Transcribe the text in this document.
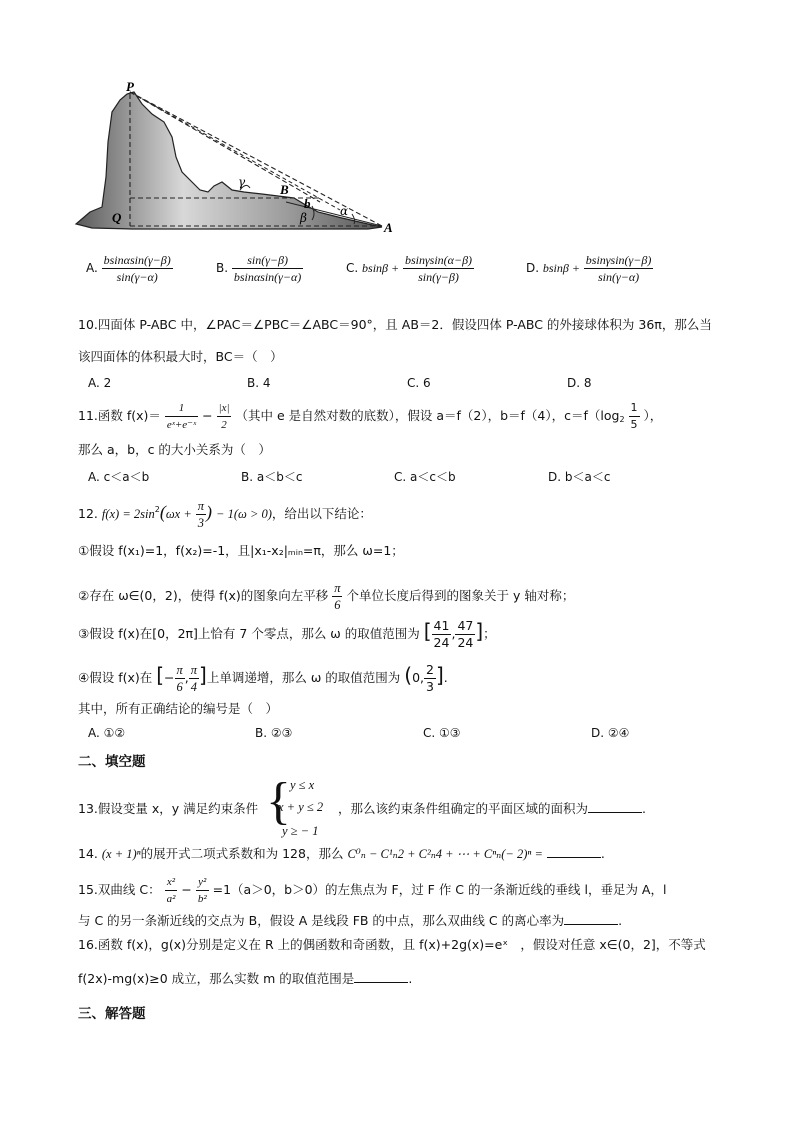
P
Q
A
B
b
γ
β	α
A. $\frac{bsin\alpha\sin(\gamma-\beta)}{\sin(\gamma-\alpha)}$	B. $\frac{\sin(\gamma-\beta)}{bsin\alpha\sin(\gamma-\alpha)}$	C. $bsin\beta + \frac{bsin\gamma\sin(\alpha-\beta)}{\sin(\gamma-\beta)}$	D. $bsin\beta + \frac{bsin\gamma\sin(\gamma-\beta)}{\sin(\gamma-\alpha)}$
10.四面体 P-ABC 中，∠PAC＝∠PBC＝∠ABC＝90°，且 AB＝2．假设四体 P-ABC 的外接球体积为 36π，那么当
该四面体的体积最大时，BC＝（　）
A. 2	B. 4	C. 6	D. 8
11.函数 $f(x)= \frac{1}{\text{eˣ+e⁻ˣ}} - \frac{|x|}{2}$ （其中 e 是自然对数的底数），假设 a＝f（2），b＝f（4），$c=f(\log_2 \frac{1}{5}$ ），
那么 a，b，c 的大小关系为（　）
A. c＜a＜b	B. a＜b＜c	C. a＜c＜b	D. b＜a＜c
12. $f(x) = 2\sin^2(\omega x + \frac{\pi}{3}$ ) − 1(ω > 0)，给出以下结论：
①假设 f(x₁)=1，f(x₂)=-1，且|x₁-x₂|ₘᵢₙ=π，那么 ω=1；
②存在 ω∈(0，2)，使得 f(x)的图象向左平移 $\frac{\pi}{6}$ 个单位长度后得到的图象关于 y 轴对称；
③假设 f(x)在[0，2π]上恰有 7 个零点，那么 ω 的取值范围为 [ $\frac{41}{24}$ , $\frac{47}{24}$ ]；
④假设 f(x)在 [− $\frac{\pi}{6}$ , $\frac{\pi}{4}$ ]上单调递增，那么 ω 的取值范围为 (0, $\frac{2}{3}$ ].
其中，所有正确结论的编号是（　）
A. ①②	B. ②③	C. ①③	D. ②④
二、填空题
13.假设变量 x，y 满足约束条件 { y ≤ x
x + y ≤ 2
y ≥ − 1
，那么该约束条件组确定的平面区域的面积为	.
14. (x + 1)ⁿ的展开式二项式系数和为 128，那么 C⁰ₙ − C¹ₙ2 + C²ₙ4 + ⋯ + Cⁿₙ(− 2)ⁿ =	.
15.双曲线 C： $\frac{\text{x²}}{\text{a²}} - \frac{\text{y²}}{\text{b²}} =1(a>0$，b＞0）的左焦点为 F，过 F 作 C 的一条渐近线的垂线 l，垂足为 A，l
与 C 的另一条渐近线的交点为 B，假设 A 是线段 FB 的中点，那么双曲线 C 的离心率为	.
16.函数 f(x)，g(x)分别是定义在 R 上的偶函数和奇函数，且 f(x)+2g(x)=eˣ　，假设对任意 x∈(0，2]，不等式
f(2x)-mg(x)≥0 成立，那么实数 m 的取值范围是	.
三、解答题
